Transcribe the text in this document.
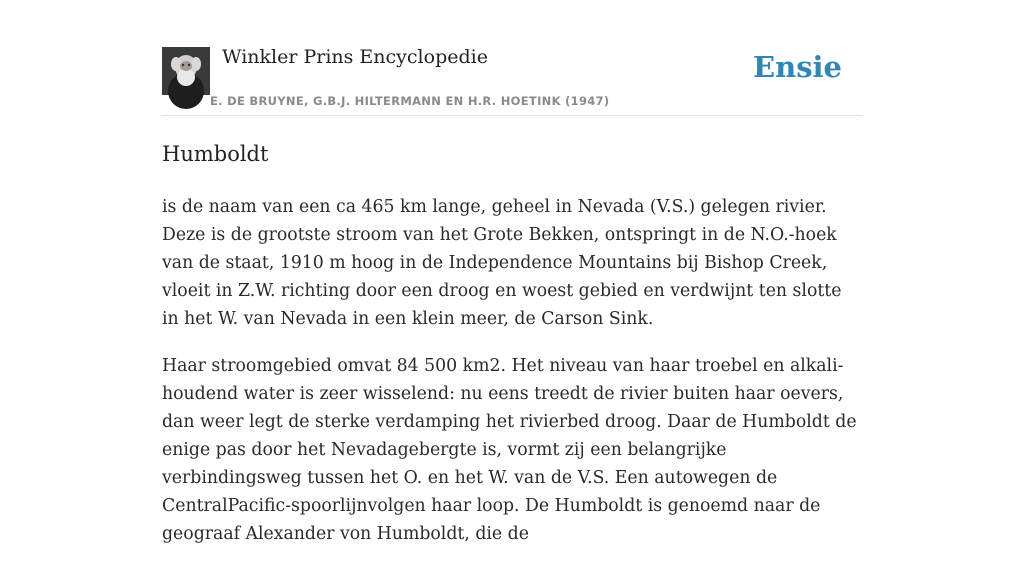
Winkler Prins Encyclopedie
E. DE BRUYNE, G.B.J. HILTERMANN EN H.R. HOETINK (1947)
Ensie
Humboldt

is de naam van een ca 465 km lange, geheel in Nevada (V.S.) gelegen rivier. Deze is de grootste stroom van het Grote Bekken, ontspringt in de N.O.-hoek van de staat, 1910 m hoog in de Independence Mountains bij Bishop Creek, vloeit in Z.W. richting door een droog en woest gebied en verdwijnt ten slotte in het W. van Nevada in een klein meer, de Carson Sink.

Haar stroomgebied omvat 84 500 km2. Het niveau van haar troebel en alkali-houdend water is zeer wisselend: nu eens treedt de rivier buiten haar oevers, dan weer legt de sterke verdamping het rivierbed droog. Daar de Humboldt de enige pas door het Nevadagebergte is, vormt zij een belangrijke verbindingsweg tussen het O. en het W. van de V.S. Een autowegen de CentralPacific-spoorlijnvolgen haar loop. De Humboldt is genoemd naar de geograaf Alexander von Humboldt, die de
